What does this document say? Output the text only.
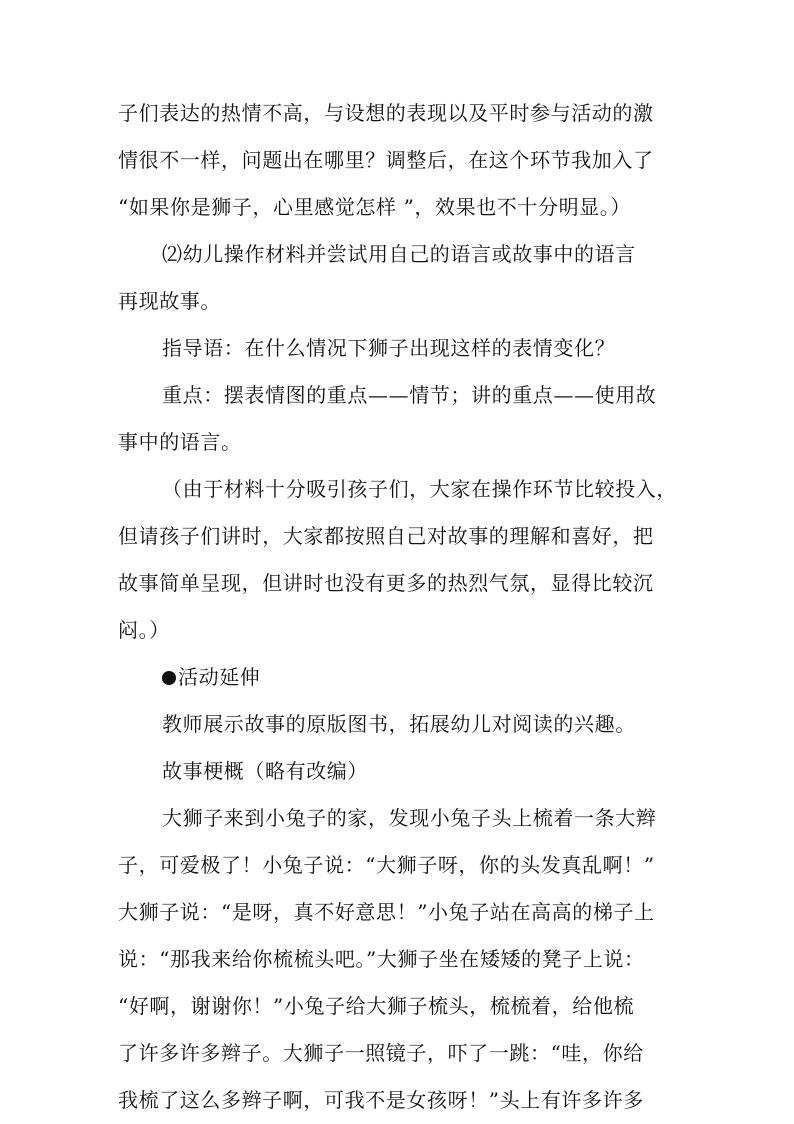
子们表达的热情不高，与设想的表现以及平时参与活动的激
情很不一样，问题出在哪里？调整后，在这个环节我加入了
“如果你是狮子，心里感觉怎样 ”，效果也不十分明显。）
⑵幼儿操作材料并尝试用自己的语言或故事中的语言
再现故事。
指导语：在什么情况下狮子出现这样的表情变化？
重点：摆表情图的重点——情节；讲的重点——使用故
事中的语言。
（由于材料十分吸引孩子们，大家在操作环节比较投入，
但请孩子们讲时，大家都按照自己对故事的理解和喜好，把
故事简单呈现，但讲时也没有更多的热烈气氛，显得比较沉
闷。）
活动延伸
教师展示故事的原版图书，拓展幼儿对阅读的兴趣。
故事梗概（略有改编）
大狮子来到小兔子的家，发现小兔子头上梳着一条大辫
子，可爱极了！小兔子说：“大狮子呀，你的头发真乱啊！”
大狮子说：“是呀，真不好意思！”小兔子站在高高的梯子上
说：“那我来给你梳梳头吧。”大狮子坐在矮矮的凳子上说：
“好啊，谢谢你！”小兔子给大狮子梳头，梳梳着，给他梳
了许多许多辫子。大狮子一照镜子，吓了一跳：“哇，你给
我梳了这么多辫子啊，可我不是女孩呀！”头上有许多许多
